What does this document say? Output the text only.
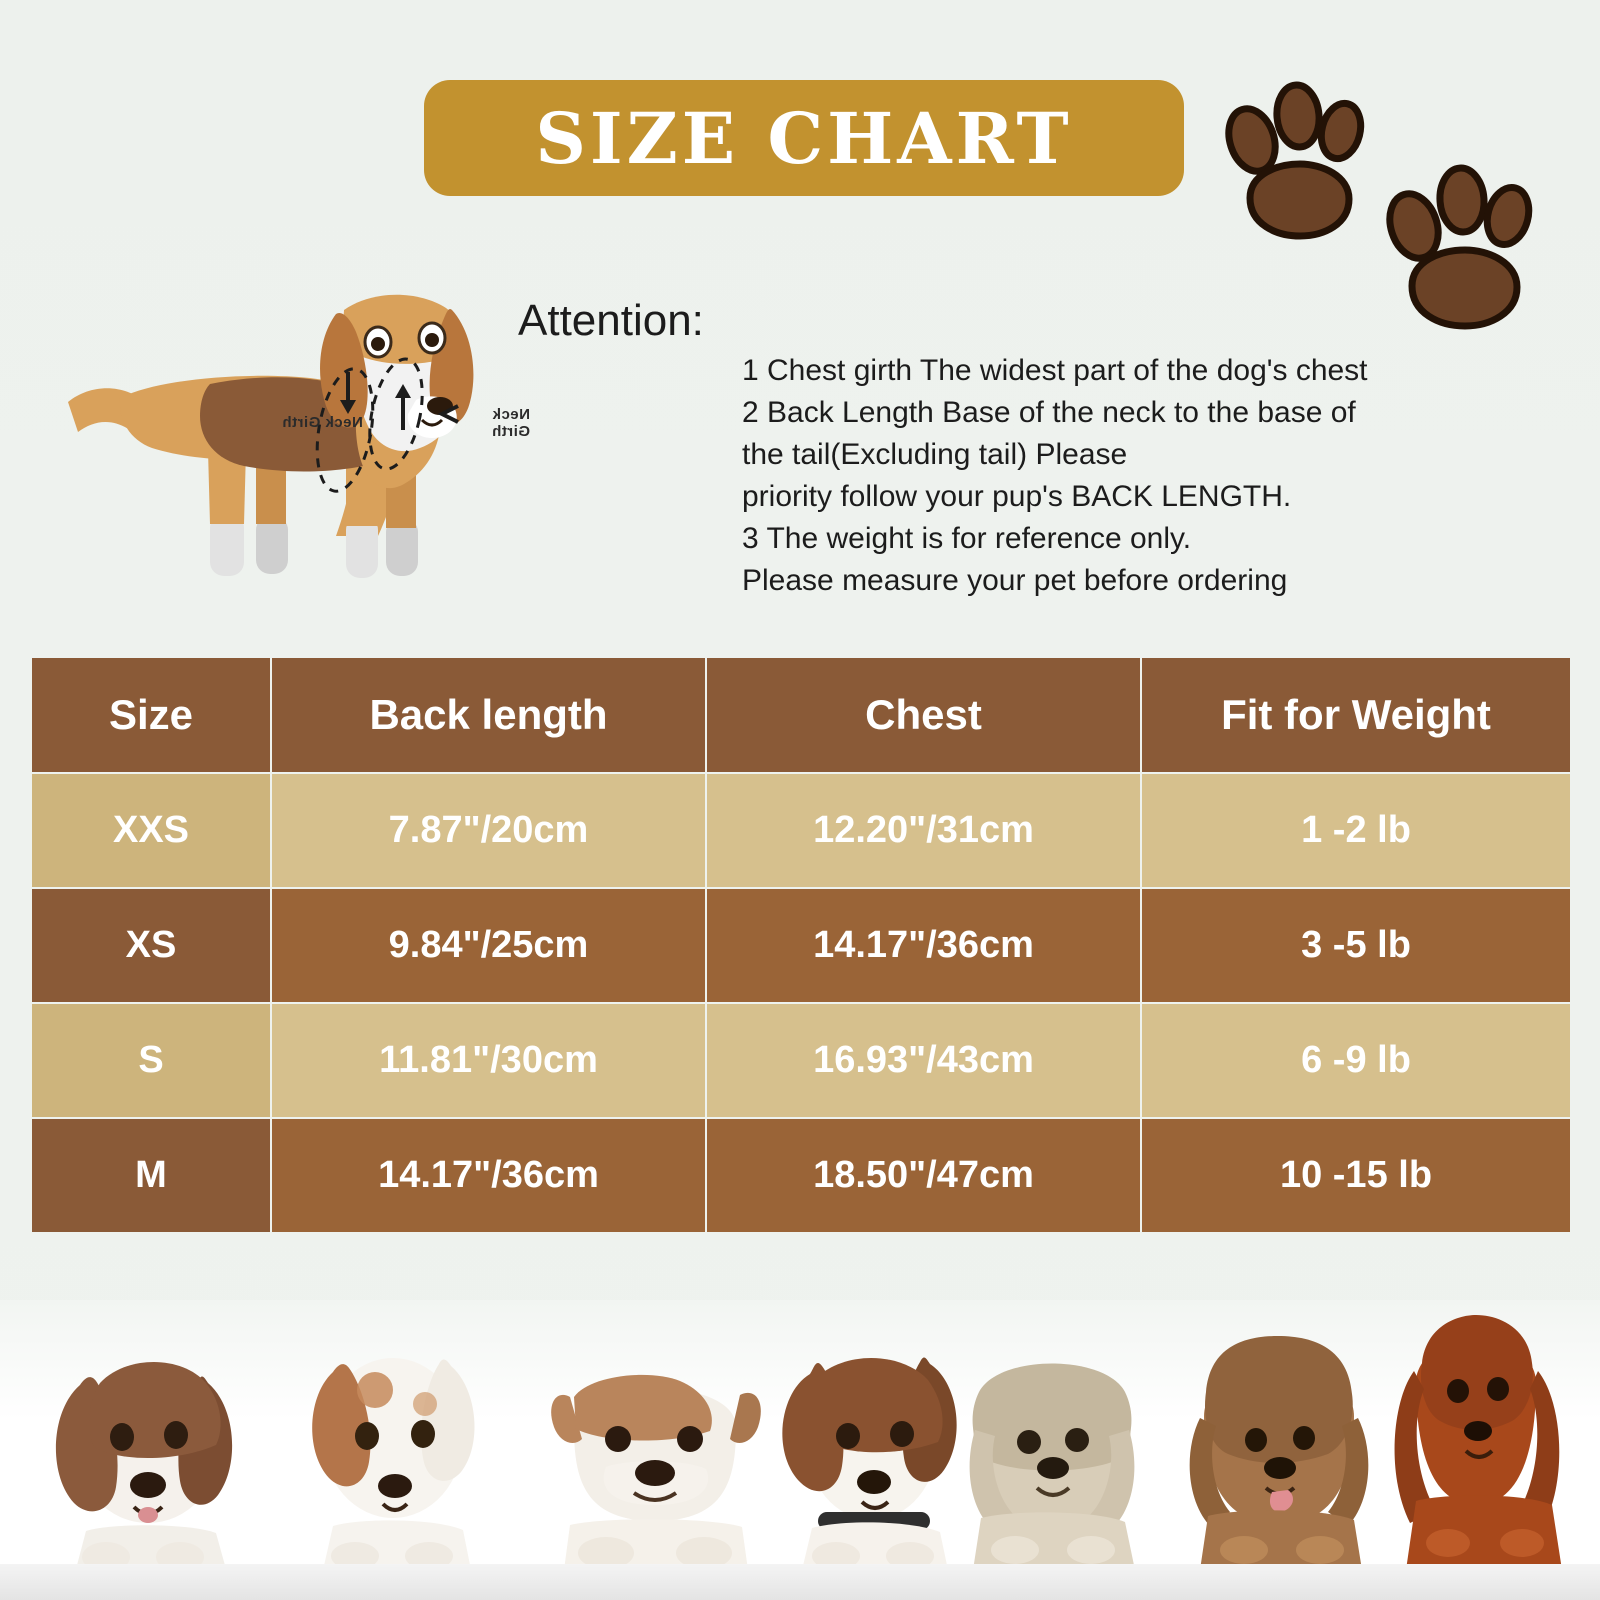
SIZE CHART
Attention:

1 Chest girth The widest part of the dog's chest

2 Back Length Base of the neck to the base of

the tail(Excluding tail) Please

priority follow your pup's BACK LENGTH.

3 The weight is for reference only.

Please measure your pet before ordering

Neck Girth	Neck Girth
Size	Back length	Chest	Fit for Weight
XXS	7.87"/20cm	12.20"/31cm	1 -2 lb
XS	9.84"/25cm	14.17"/36cm	3 -5 lb
S	11.81"/30cm	16.93"/43cm	6 -9 lb
M	14.17"/36cm	18.50"/47cm	10 -15 lb
